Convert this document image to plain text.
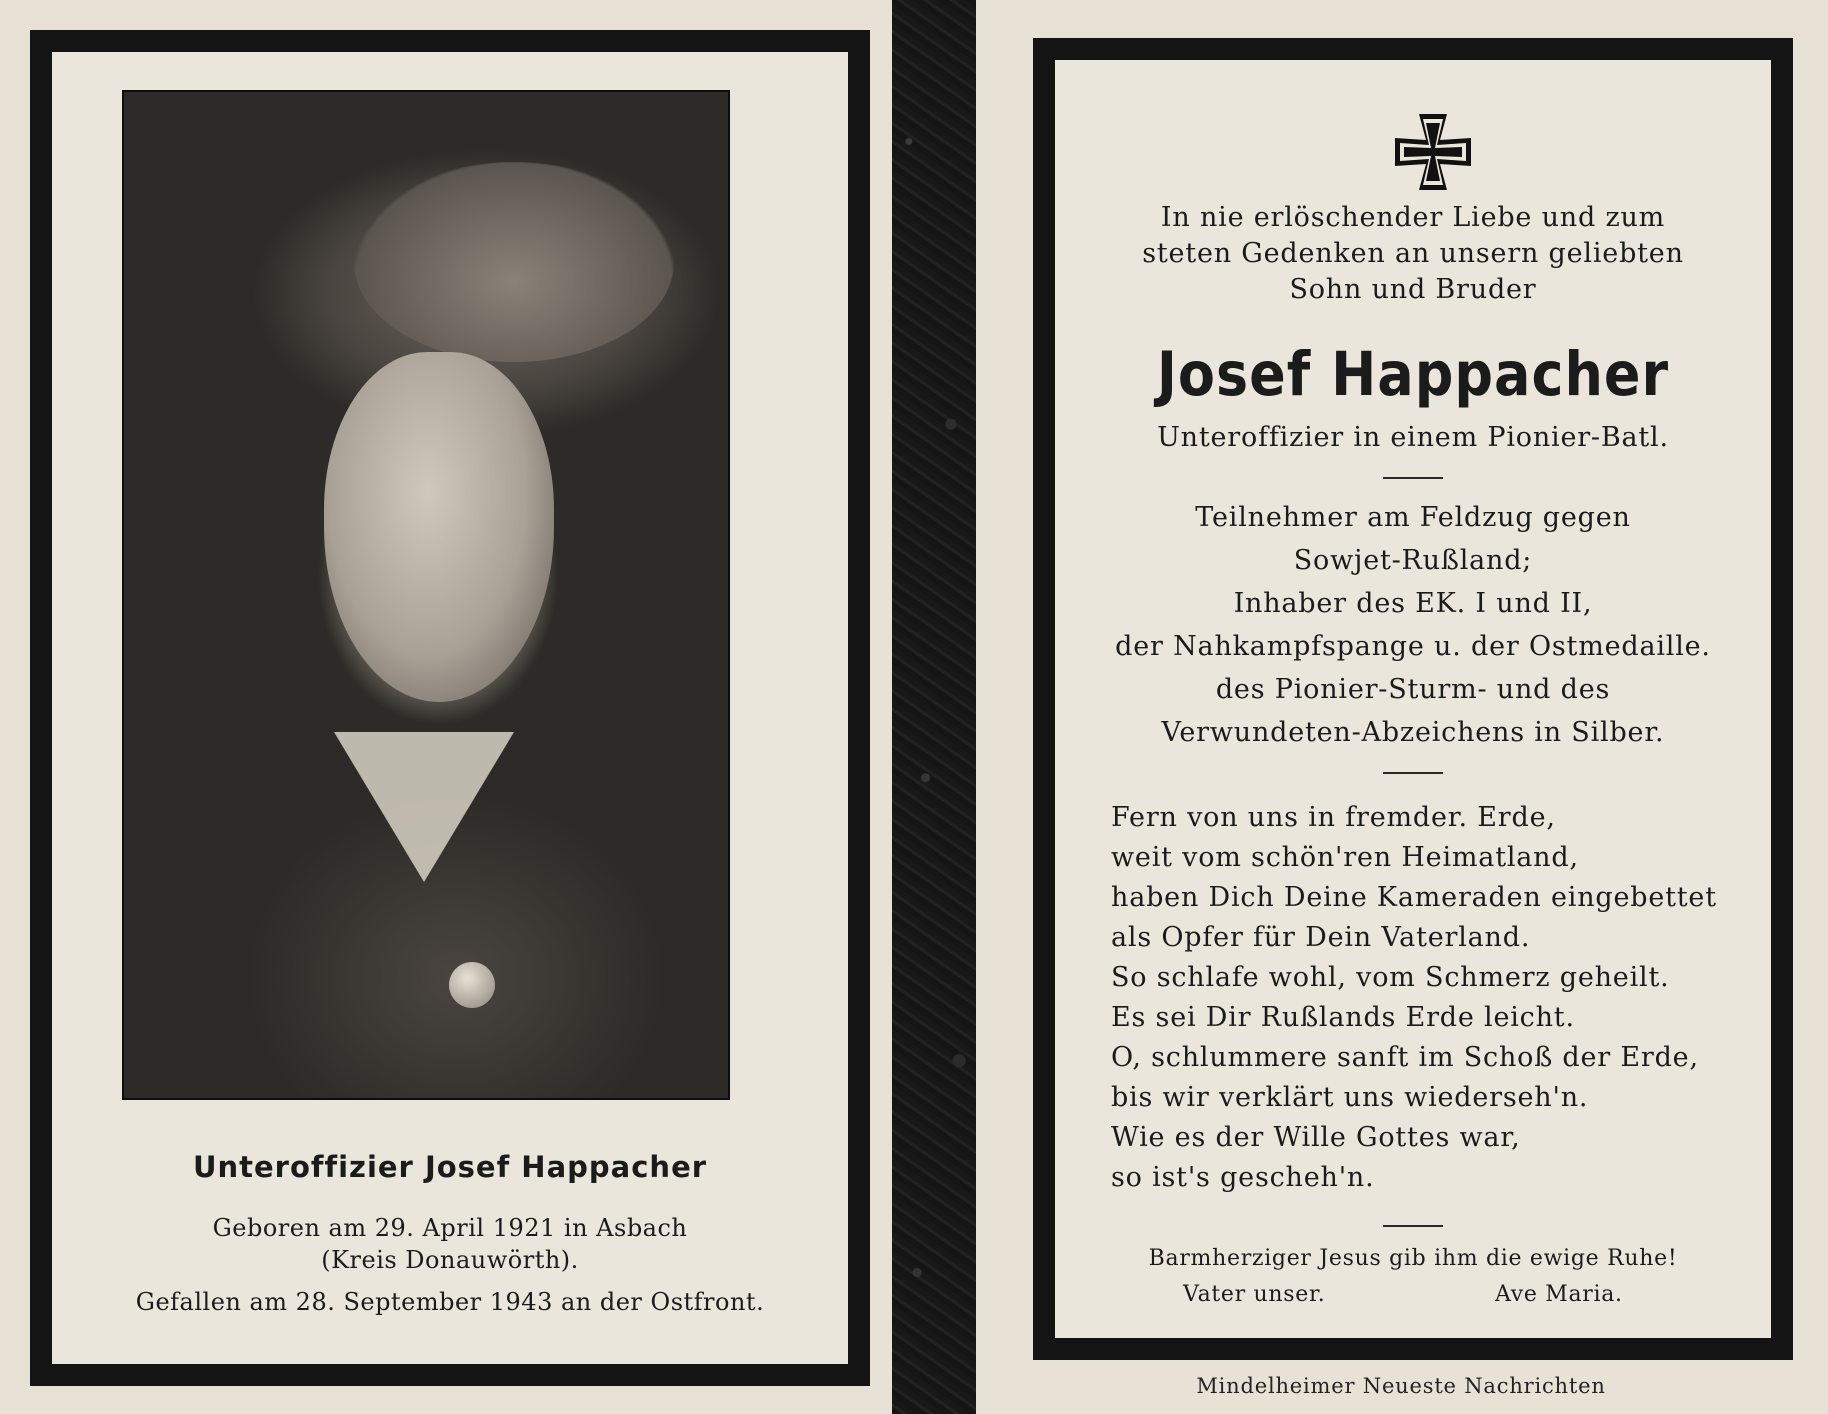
Unteroffizier Josef Happacher
Geboren am 29. April 1921 in Asbach
(Kreis Donauwörth).
Gefallen am 28. September 1943 an der Ostfront.
In nie erlöschender Liebe und zum
steten Gedenken an unsern geliebten
Sohn und Bruder
Josef Happacher
Unteroffizier in einem Pionier-Batl.
Teilnehmer am Feldzug gegen
Sowjet-Rußland;
Inhaber des EK. I und II,
der Nahkampfspange u. der Ostmedaille.
des Pionier-Sturm- und des
Verwundeten-Abzeichens in Silber.
Fern von uns in fremder. Erde,
weit vom schön'ren Heimatland,
haben Dich Deine Kameraden eingebettet
als Opfer für Dein Vaterland.
So schlafe wohl, vom Schmerz geheilt.
Es sei Dir Rußlands Erde leicht.
O, schlummere sanft im Schoß der Erde,
bis wir verklärt uns wiederseh'n.
Wie es der Wille Gottes war,
so ist's gescheh'n.
Barmherziger Jesus gib ihm die ewige Ruhe!
Vater unser.	Ave Maria.
Mindelheimer Neueste Nachrichten
